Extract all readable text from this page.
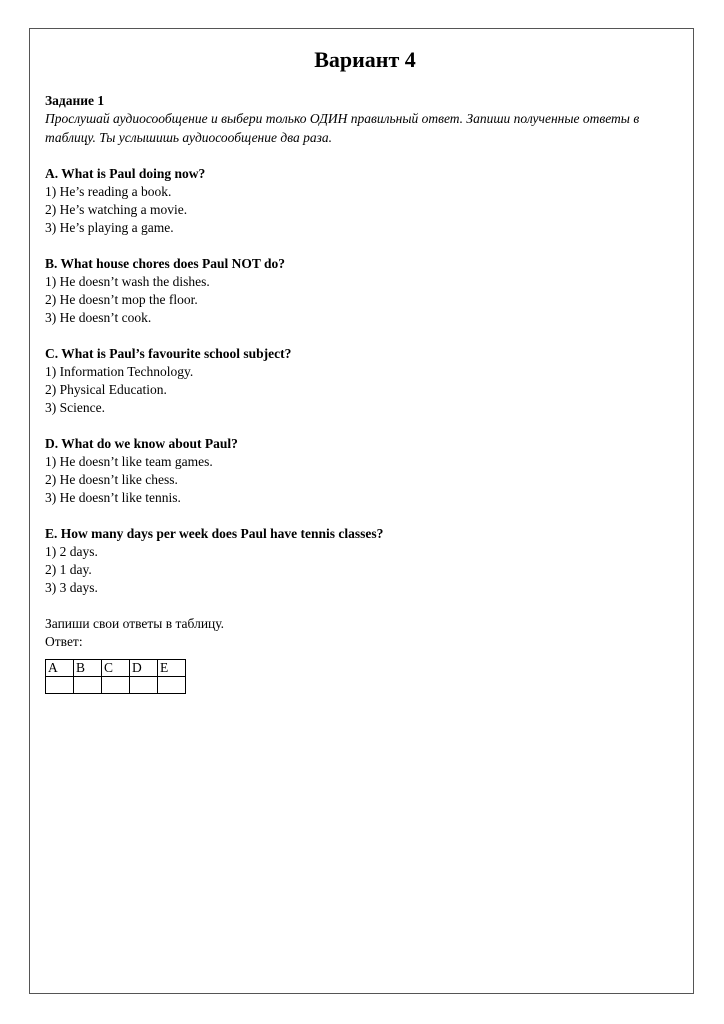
Вариант 4
Задание 1

Прослушай аудиосообщение и выбери только ОДИН правильный ответ. Запиши полученные ответы в таблицу. Ты услышишь аудиосообщение два раза.

A. What is Paul doing now?
1) He’s reading a book.
2) He’s watching a movie.
3) He’s playing a game.
B. What house chores does Paul NOT do?
1) He doesn’t wash the dishes.
2) He doesn’t mop the floor.
3) He doesn’t cook.
C. What is Paul’s favourite school subject?
1) Information Technology.
2) Physical Education.
3) Science.
D. What do we know about Paul?
1) He doesn’t like team games.
2) He doesn’t like chess.
3) He doesn’t like tennis.
E. How many days per week does Paul have tennis classes?
1) 2 days.
2) 1 day.
3) 3 days.
Запиши свои ответы в таблицу.
Ответ:
A	B	C	D	E
